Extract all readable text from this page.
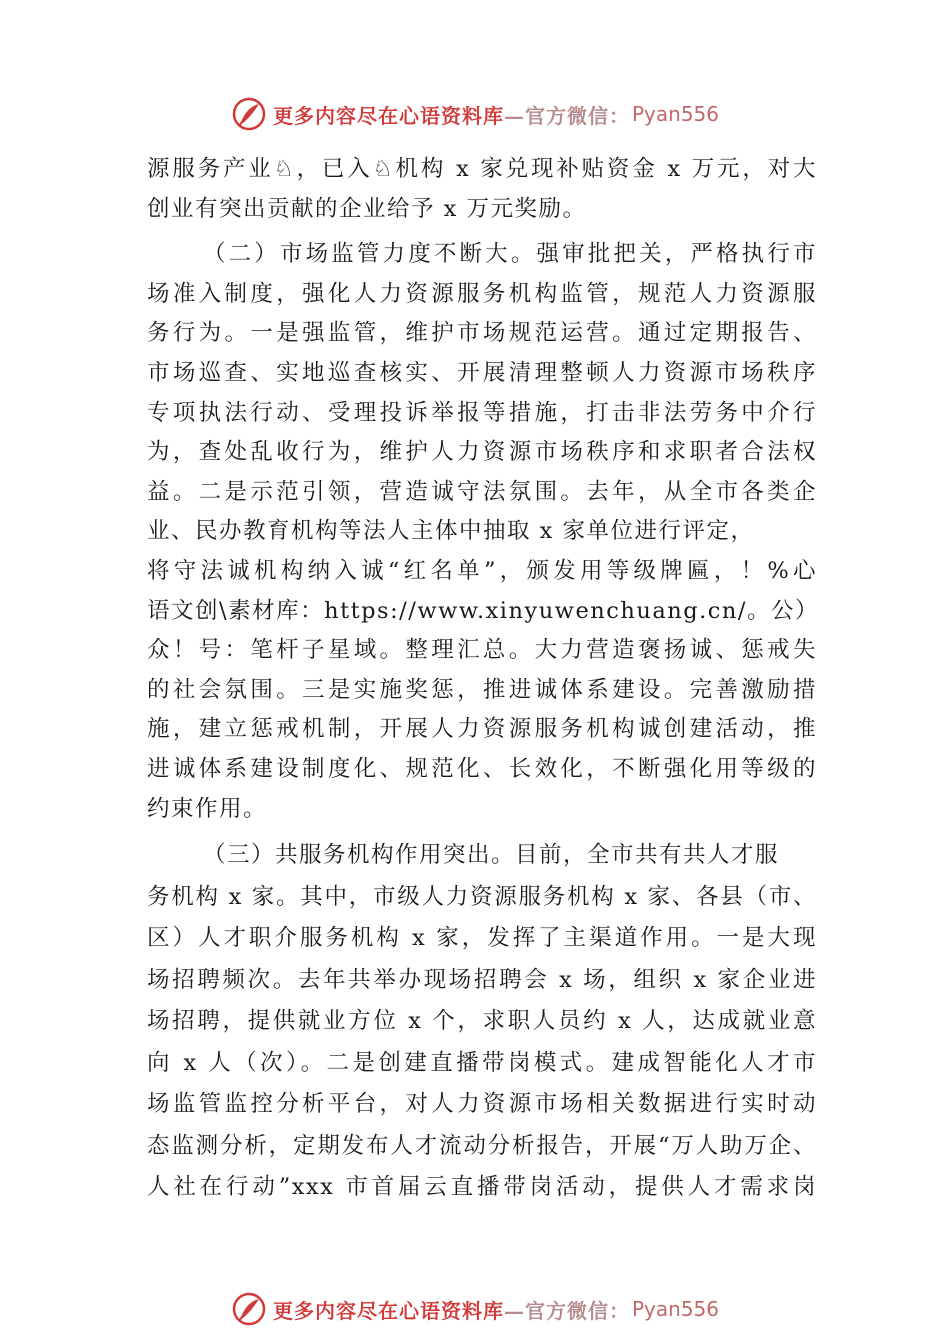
更多内容尽在心语资料库 —官方微信： Pyan556
源服务产业♘，已入♘机构 x 家兑现补贴资金 x 万元，对大
创业有突出贡献的企业给予 x 万元奖励。
（二）市场监管力度不断大。强审批把关，严格执行市
场准入制度，强化人力资源服务机构监管，规范人力资源服
务行为。一是强监管，维护市场规范运营。通过定期报告、
市场巡查、实地巡查核实、开展清理整顿人力资源市场秩序
专项执法行动、受理投诉举报等措施，打击非法劳务中介行
为，查处乱收行为，维护人力资源市场秩序和求职者合法权
益。二是示范引领，营造诚守法氛围。去年，从全市各类企
业、民办教育机构等法人主体中抽取 x 家单位进行评定，
将守法诚机构纳入诚“红名单”，颁发用等级牌匾，！%心
语文创\素材库：https://www.xinyuwenchuang.cn/。公）
众！号：笔杆子星域。整理汇总。大力营造褒扬诚、惩戒失
的社会氛围。三是实施奖惩，推进诚体系建设。完善激励措
施，建立惩戒机制，开展人力资源服务机构诚创建活动，推
进诚体系建设制度化、规范化、长效化，不断强化用等级的
约束作用。
（三）共服务机构作用突出。目前，全市共有共人才服
务机构 x 家。其中，市级人力资源服务机构 x 家、各县（市、
区）人才职介服务机构 x 家，发挥了主渠道作用。一是大现
场招聘频次。去年共举办现场招聘会 x 场，组织 x 家企业进
场招聘，提供就业方位 x 个，求职人员约 x 人，达成就业意
向 x 人（次）。二是创建直播带岗模式。建成智能化人才市
场监管监控分析平台，对人力资源市场相关数据进行实时动
态监测分析，定期发布人才流动分析报告，开展“万人助万企、
人社在行动”xxx 市首届云直播带岗活动，提供人才需求岗
更多内容尽在心语资料库 —官方微信： Pyan556
